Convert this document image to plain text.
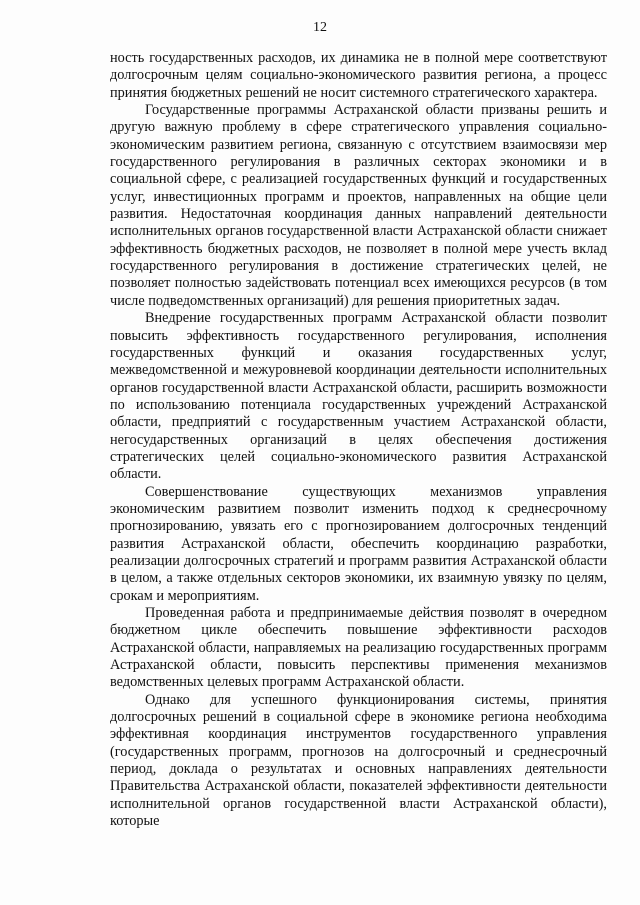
12

ность государственных расходов, их динамика не в полной мере соответствуют долгосрочным целям социально-экономического развития региона, а процесс принятия бюджетных решений не носит системного стратегического характера.

Государственные программы Астраханской области призваны решить и другую важную проблему в сфере стратегического управления социально-экономическим развитием региона, связанную с отсутствием взаимосвязи мер государственного регулирования в различных секторах экономики и в социальной сфере, с реализацией государственных функций и государственных услуг, инвестиционных программ и проектов, направленных на общие цели развития. Недостаточная координация данных направлений деятельности исполнительных органов государственной власти Астраханской области снижает эффективность бюджетных расходов, не позволяет в полной мере учесть вклад государственного регулирования в достижение стратегических целей, не позволяет полностью задействовать потенциал всех имеющихся ресурсов (в том числе подведомственных организаций) для решения приоритетных задач.

Внедрение государственных программ Астраханской области позволит повысить эффективность государственного регулирования, исполнения государственных функций и оказания государственных услуг, межведомственной и межуровневой координации деятельности исполнительных органов государственной власти Астраханской области, расширить возможности по использованию потенциала государственных учреждений Астраханской области, предприятий с государственным участием Астраханской области, негосударственных организаций в целях обеспечения достижения стратегических целей социально-экономического развития Астраханской области.

Совершенствование существующих механизмов управления экономическим развитием позволит изменить подход к среднесрочному прогнозированию, увязать его с прогнозированием долгосрочных тенденций развития Астраханской области, обеспечить координацию разработки, реализации долгосрочных стратегий и программ развития Астраханской области в целом, а также отдельных секторов экономики, их взаимную увязку по целям, срокам и мероприятиям.

Проведенная работа и предпринимаемые действия позволят в очередном бюджетном цикле обеспечить повышение эффективности расходов Астраханской области, направляемых на реализацию государственных программ Астраханской области, повысить перспективы применения механизмов ведомственных целевых программ Астраханской области.

Однако для успешного функционирования системы, принятия долгосрочных решений в социальной сфере в экономике региона необходима эффективная координация инструментов государственного управления (государственных программ, прогнозов на долгосрочный и среднесрочный период, доклада о результатах и основных направлениях деятельности Правительства Астраханской области, показателей эффективности деятельности исполнительной органов государственной власти Астраханской области), которые
